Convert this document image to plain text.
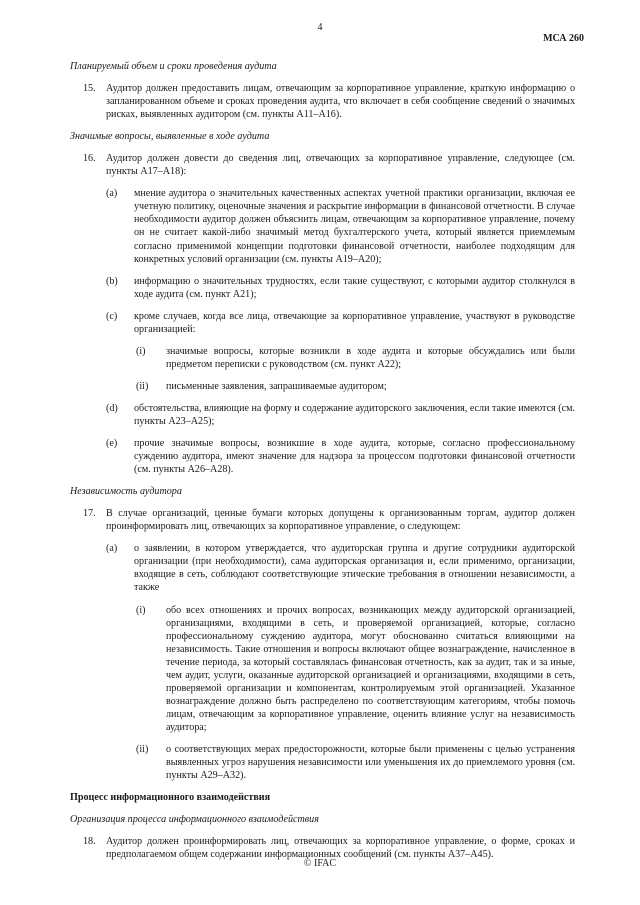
4
МСА 260

Планируемый объем и сроки проведения аудита

15. Аудитор должен предоставить лицам, отвечающим за корпоративное управление, краткую информацию о запланированном объеме и сроках проведения аудита, что включает в себя сообщение сведений о значимых рисках, выявленных аудитором (см. пункты A11–A16).

Значимые вопросы, выявленные в ходе аудита

16. Аудитор должен довести до сведения лиц, отвечающих за корпоративное управление, следующее (см. пункты A17–A18):

(a) мнение аудитора о значительных качественных аспектах учетной практики организации, включая ее учетную политику, оценочные значения и раскрытие информации в финансовой отчетности. В случае необходимости аудитор должен объяснить лицам, отвечающим за корпоративное управление, почему он не считает какой-либо значимый метод бухгалтерского учета, который является приемлемым согласно применимой концепции подготовки финансовой отчетности, наиболее подходящим для конкретных условий организации (см. пункты A19–A20);

(b) информацию о значительных трудностях, если такие существуют, с которыми аудитор столкнулся в ходе аудита (см. пункт A21);

(c) кроме случаев, когда все лица, отвечающие за корпоративное управление, участвуют в руководстве организацией:

(i) значимые вопросы, которые возникли в ходе аудита и которые обсуждались или были предметом переписки с руководством (см. пункт A22);

(ii) письменные заявления, запрашиваемые аудитором;

(d) обстоятельства, влияющие на форму и содержание аудиторского заключения, если такие имеются (см. пункты A23–A25);

(e) прочие значимые вопросы, возникшие в ходе аудита, которые, согласно профессиональному суждению аудитора, имеют значение для надзора за процессом подготовки финансовой отчетности (см. пункты A26–A28).

Независимость аудитора

17. В случае организаций, ценные бумаги которых допущены к организованным торгам, аудитор должен проинформировать лиц, отвечающих за корпоративное управление, о следующем:

(a) о заявлении, в котором утверждается, что аудиторская группа и другие сотрудники аудиторской организации (при необходимости), сама аудиторская организация и, если применимо, организации, входящие в сеть, соблюдают соответствующие этические требования в отношении независимости, а также

(i) обо всех отношениях и прочих вопросах, возникающих между аудиторской организацией, организациями, входящими в сеть, и проверяемой организацией, которые, согласно профессиональному суждению аудитора, могут обоснованно считаться влияющими на независимость. Такие отношения и вопросы включают общее вознаграждение, начисленное в течение периода, за который составлялась финансовая отчетность, как за аудит, так и за иные, чем аудит, услуги, оказанные аудиторской организацией и организациями, входящими в сеть, проверяемой организации и компонентам, контролируемым этой организацией. Указанное вознаграждение должно быть распределено по соответствующим категориям, чтобы помочь лицам, отвечающим за корпоративное управление, оценить влияние услуг на независимость аудитора;

(ii) о соответствующих мерах предосторожности, которые были применены с целью устранения выявленных угроз нарушения независимости или уменьшения их до приемлемого уровня (см. пункты A29–A32).

Процесс информационного взаимодействия

Организация процесса информационного взаимодействия

18. Аудитор должен проинформировать лиц, отвечающих за корпоративное управление, о форме, сроках и предполагаемом общем содержании информационных сообщений (см. пункты A37–A45).

© IFAC
